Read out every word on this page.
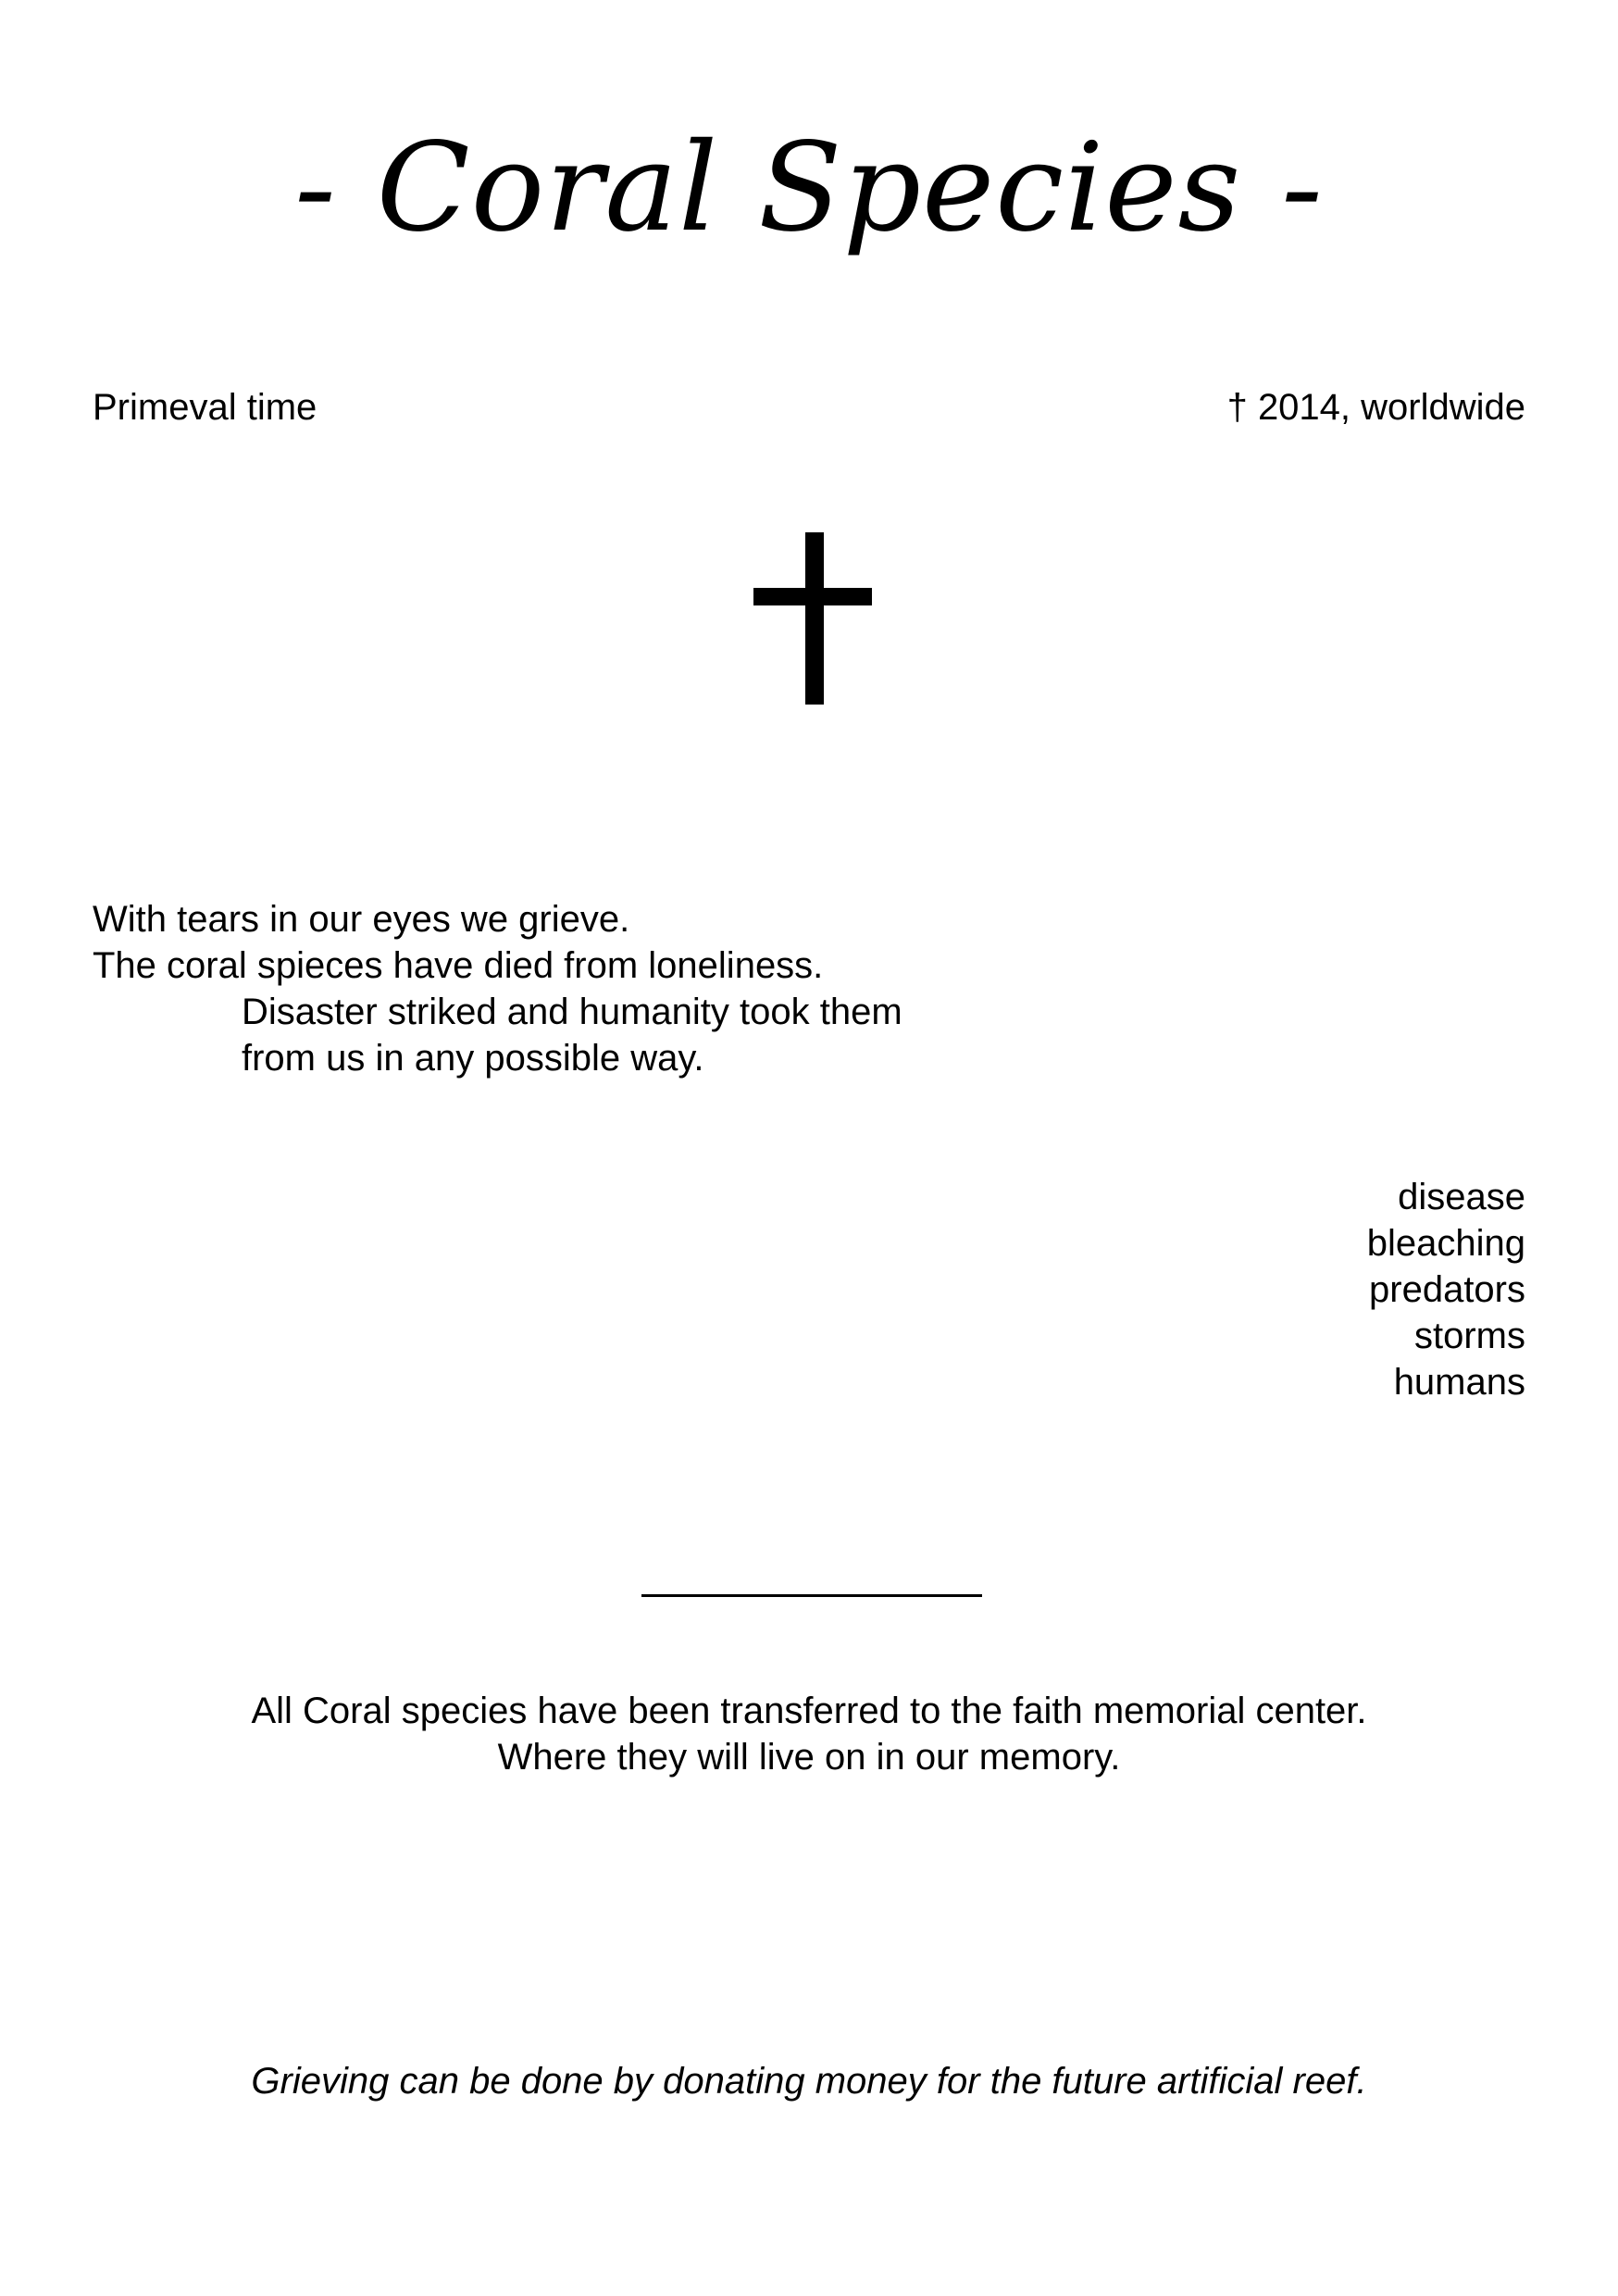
- Coral Species -
Primeval time	† 2014, worldwide
With tears in our eyes we grieve.
The coral spieces have died from loneliness.
Disaster striked and humanity took them
from us in any possible way.
disease
bleaching
predators
storms
humans
All Coral species have been transferred to the faith memorial center.
Where they will live on in our memory.
Grieving can be done by donating money for the future artificial reef.
